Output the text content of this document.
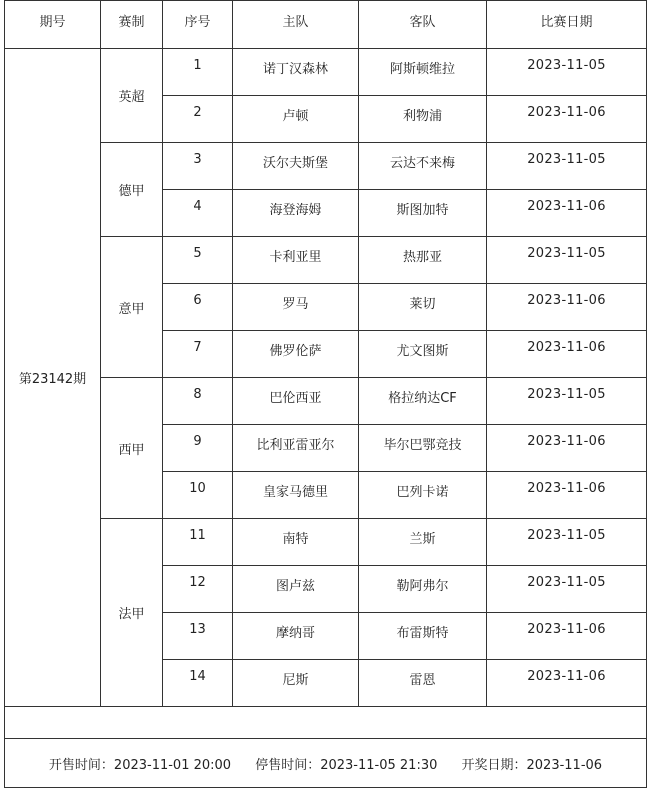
期号	赛制	序号	主队	客队	比赛日期
第23142期	英超	1	诺丁汉森林	阿斯顿维拉	2023-11-05
		2	卢顿	利物浦	2023-11-06
	德甲	3	沃尔夫斯堡	云达不来梅	2023-11-05
		4	海登海姆	斯图加特	2023-11-06
	意甲	5	卡利亚里	热那亚	2023-11-05
		6	罗马	莱切	2023-11-06
		7	佛罗伦萨	尤文图斯	2023-11-06
	西甲	8	巴伦西亚	格拉纳达CF	2023-11-05
		9	比利亚雷亚尔	毕尔巴鄂竞技	2023-11-06
		10	皇家马德里	巴列卡诺	2023-11-06
	法甲	11	南特	兰斯	2023-11-05
		12	图卢兹	勒阿弗尔	2023-11-05
		13	摩纳哥	布雷斯特	2023-11-06
		14	尼斯	雷恩	2023-11-06

开售时间：2023-11-01 20:00 停售时间：2023-11-05 21:30 开奖日期：2023-11-06					
